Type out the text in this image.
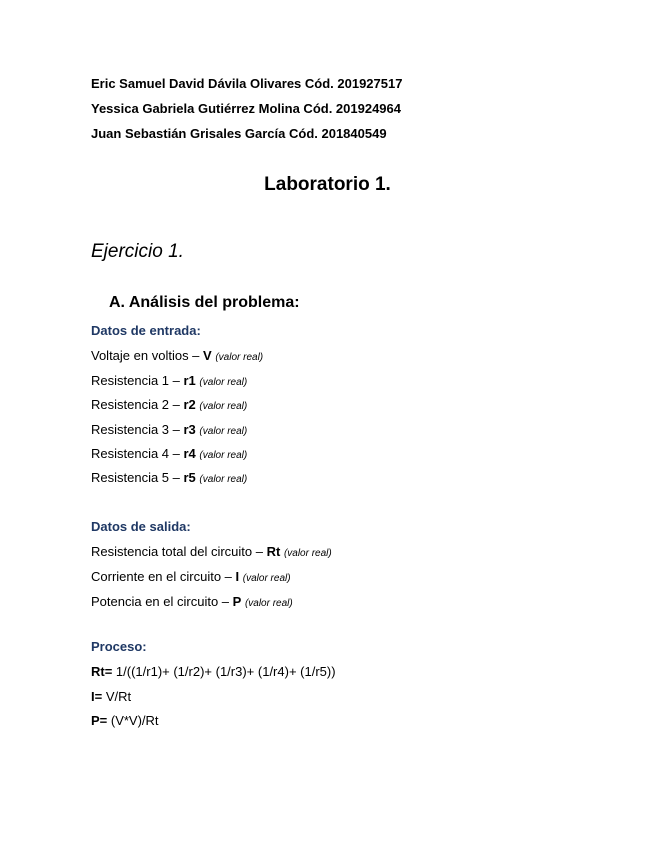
Eric Samuel David Dávila Olivares Cód. 201927517
Yessica Gabriela Gutiérrez Molina Cód. 201924964
Juan Sebastián Grisales García Cód. 201840549
Laboratorio 1.
Ejercicio 1.
A. Análisis del problema:
Datos de entrada:
Voltaje en voltios – V (valor real)
Resistencia 1 – r1 (valor real)
Resistencia 2 – r2 (valor real)
Resistencia 3 – r3 (valor real)
Resistencia 4 – r4 (valor real)
Resistencia 5 – r5 (valor real)
Datos de salida:
Resistencia total del circuito – Rt (valor real)
Corriente en el circuito – I (valor real)
Potencia en el circuito – P (valor real)
Proceso:
Rt= 1/((1/r1)+ (1/r2)+ (1/r3)+ (1/r4)+ (1/r5))
I= V/Rt
P= (V*V)/Rt
